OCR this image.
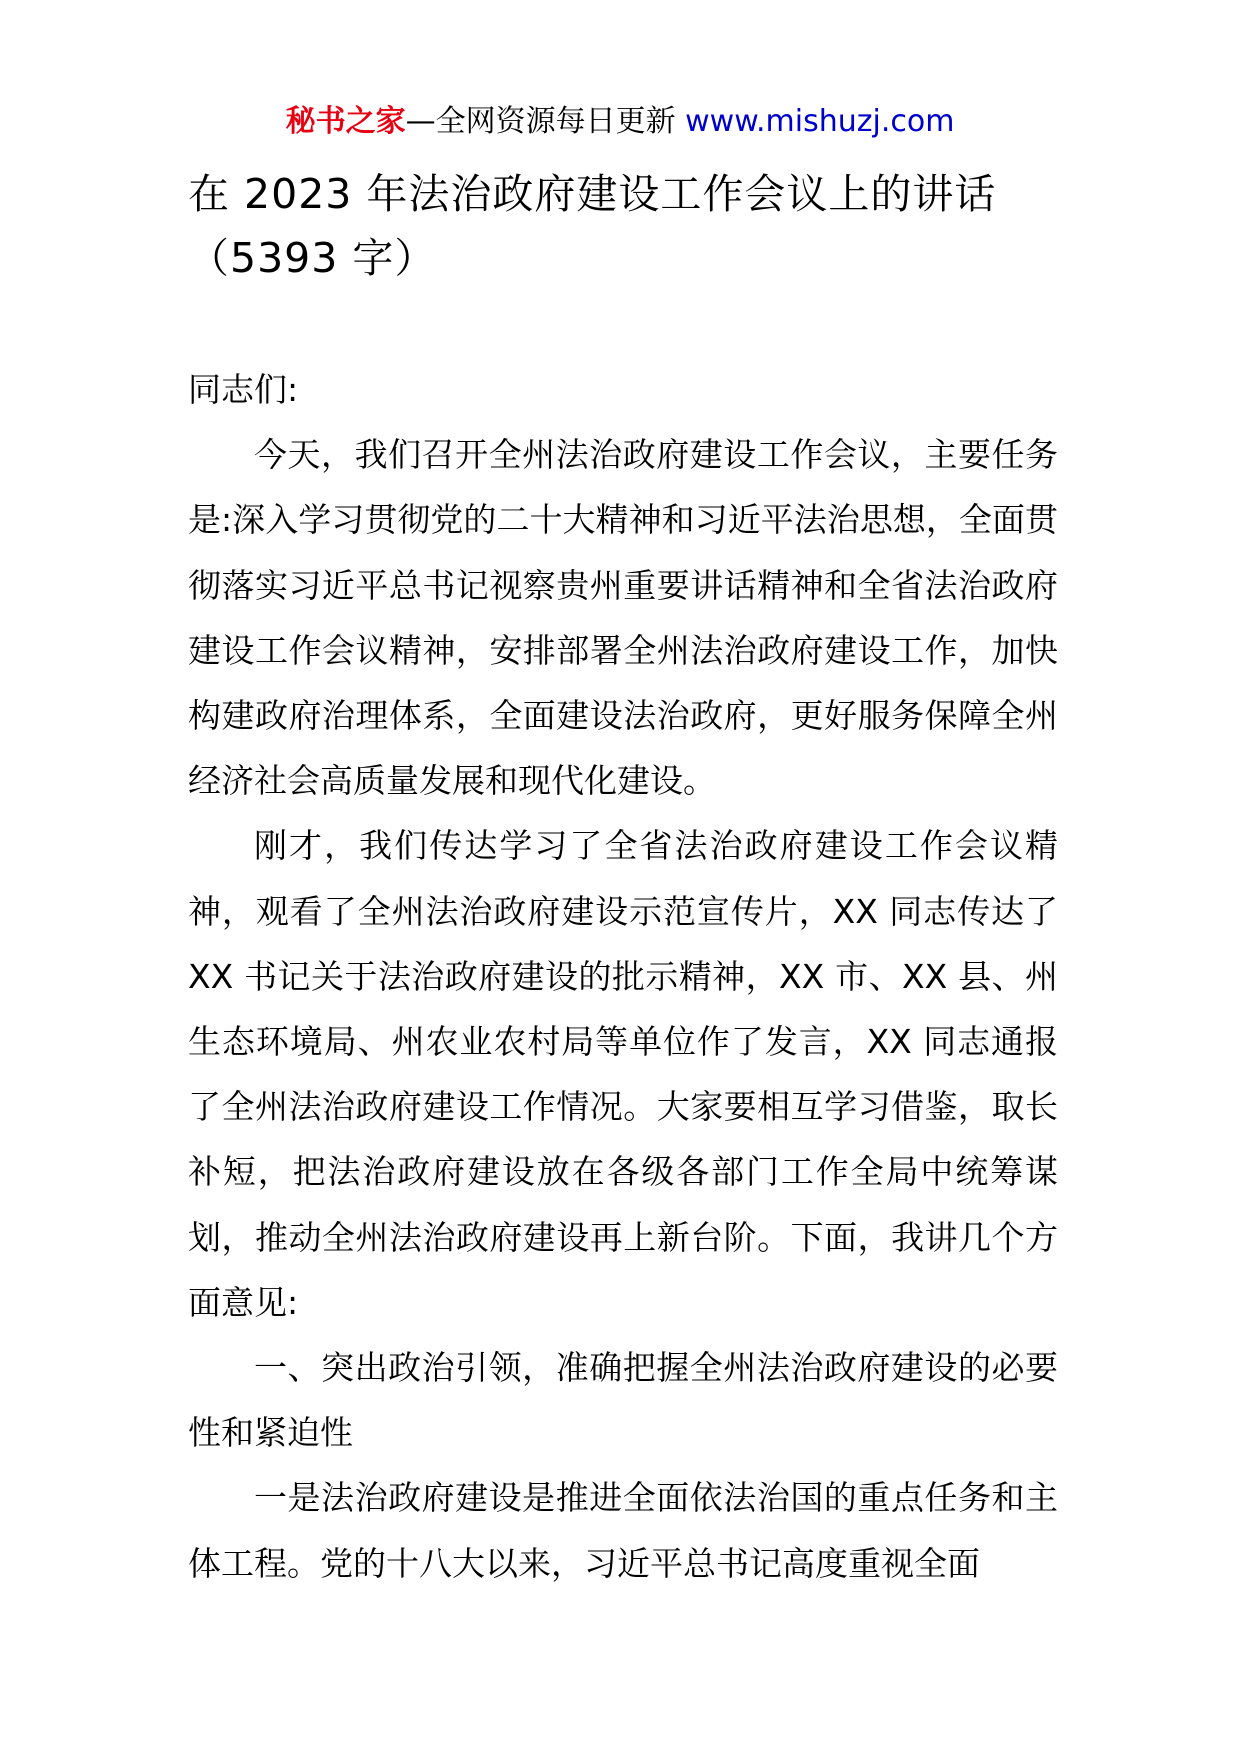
秘书之家—全网资源每日更新 www.mishuzj.com
在 2023 年法治政府建设工作会议上的讲话（5393 字）

同志们:

今天，我们召开全州法治政府建设工作会议，主要任务是:深入学习贯彻党的二十大精神和习近平法治思想，全面贯彻落实习近平总书记视察贵州重要讲话精神和全省法治政府建设工作会议精神，安排部署全州法治政府建设工作，加快构建政府治理体系，全面建设法治政府，更好服务保障全州经济社会高质量发展和现代化建设。

刚才，我们传达学习了全省法治政府建设工作会议精神，观看了全州法治政府建设示范宣传片，XX 同志传达了 XX 书记关于法治政府建设的批示精神，XX 市、XX 县、州生态环境局、州农业农村局等单位作了发言，XX 同志通报了全州法治政府建设工作情况。大家要相互学习借鉴，取长补短，把法治政府建设放在各级各部门工作全局中统筹谋划，推动全州法治政府建设再上新台阶。下面，我讲几个方面意见:

一、突出政治引领，准确把握全州法治政府建设的必要性和紧迫性

一是法治政府建设是推进全面依法治国的重点任务和主体工程。党的十八大以来，习近平总书记高度重视全面
